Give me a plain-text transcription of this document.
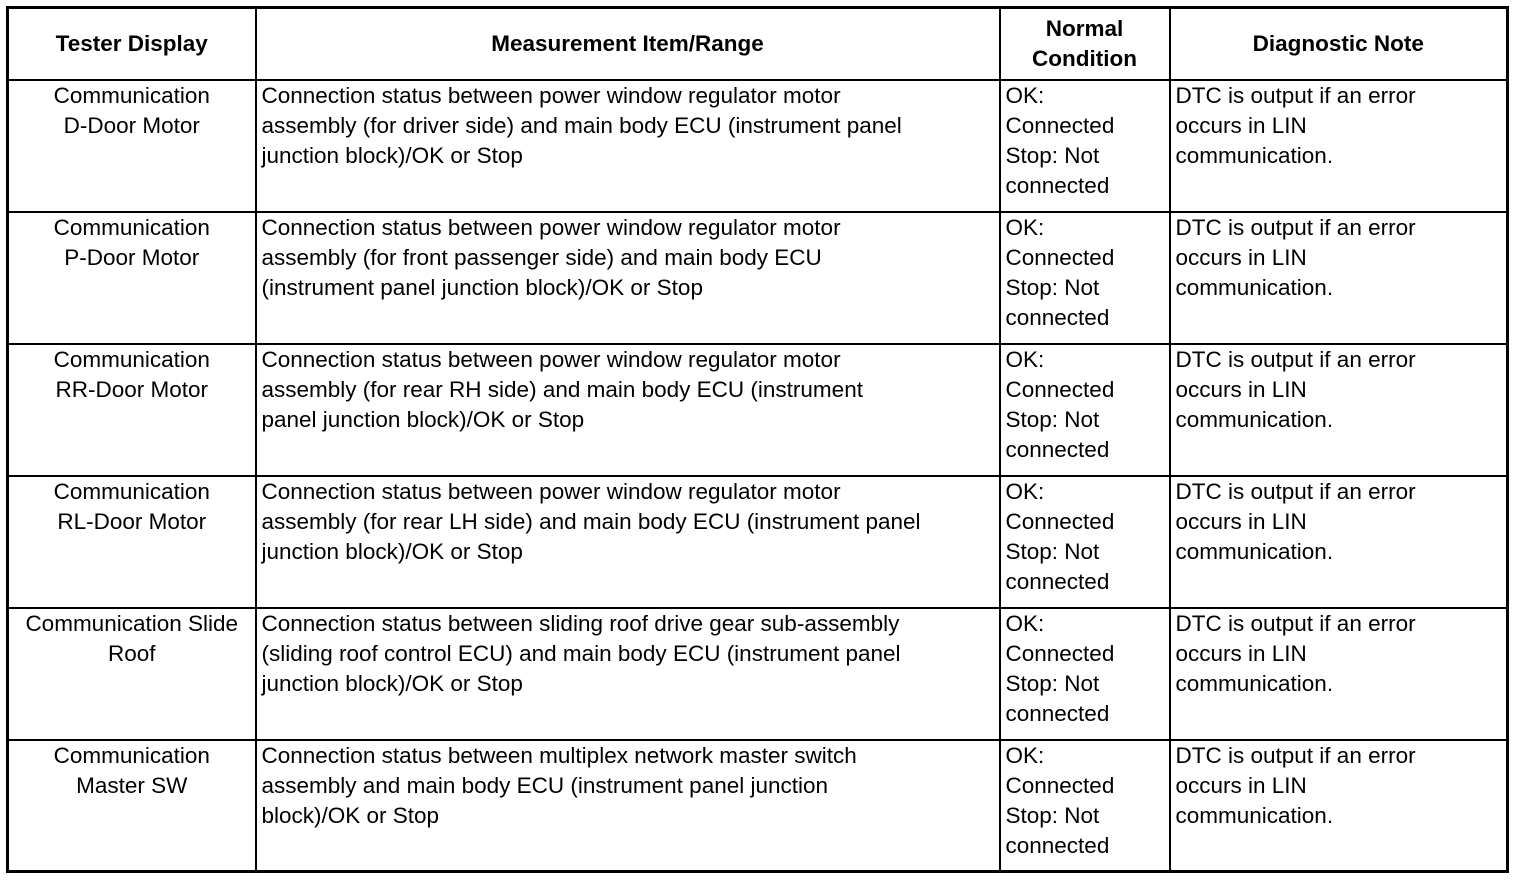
Tester Display	Measurement Item/Range	Normal
Condition	Diagnostic Note

Communication
D-Door Motor	Connection status between power window regulator motor
assembly (for driver side) and main body ECU (instrument panel
junction block)/OK or Stop	OK:
Connected
Stop: Not
connected	DTC is output if an error
occurs in LIN
communication.

Communication
P-Door Motor	Connection status between power window regulator motor
assembly (for front passenger side) and main body ECU
(instrument panel junction block)/OK or Stop	OK:
Connected
Stop: Not
connected	DTC is output if an error
occurs in LIN
communication.

Communication
RR-Door Motor	Connection status between power window regulator motor
assembly (for rear RH side) and main body ECU (instrument
panel junction block)/OK or Stop	OK:
Connected
Stop: Not
connected	DTC is output if an error
occurs in LIN
communication.

Communication
RL-Door Motor	Connection status between power window regulator motor
assembly (for rear LH side) and main body ECU (instrument panel
junction block)/OK or Stop	OK:
Connected
Stop: Not
connected	DTC is output if an error
occurs in LIN
communication.

Communication Slide
Roof	Connection status between sliding roof drive gear sub-assembly
(sliding roof control ECU) and main body ECU (instrument panel
junction block)/OK or Stop	OK:
Connected
Stop: Not
connected	DTC is output if an error
occurs in LIN
communication.

Communication
Master SW	Connection status between multiplex network master switch
assembly and main body ECU (instrument panel junction
block)/OK or Stop	OK:
Connected
Stop: Not
connected	DTC is output if an error
occurs in LIN
communication.
